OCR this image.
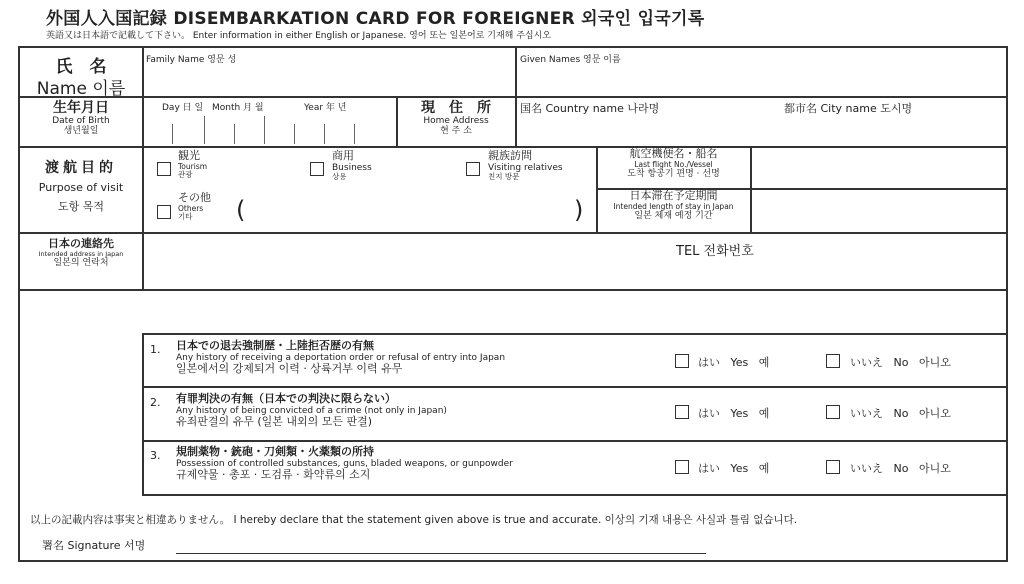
外国人入国記録 DISEMBARKATION CARD FOR FOREIGNER 외국인 입국기록
英語又は日本語で記載して下さい。 Enter information in either English or Japanese. 영어 또는 일본어로 기재해 주십시오
氏　名
Name 이름
Family Name 영문 성	Given Names 영문 이름
生年月日
Date of Birth
생년월일
Day 日 일 Month 月 월	Year 年 년	現　住　所
Home Address
현 주 소
国名 Country name 나라명	都市名 City name 도시명
渡航目的
Purpose of visit
도항 목적
観光
Tourism
관광
商用
Business
상용
親族訪問
Visiting relatives
친지 방문
その他
Others
기타	(	)
航空機便名・船名
Last flight No./Vessel
도착 항공기 편명 · 선명
日本滞在予定期間
Intended length of stay in Japan
일본 체재 예정 기간
日本の連絡先
Intended address in Japan
일본의 연락처
TEL 전화번호
1. 日本での退去強制歴・上陸拒否歴の有無
Any history of receiving a deportation order or refusal of entry into Japan
일본에서의 강제퇴거 이력 · 상륙거부 이력 유무	はい Yes 예	いいえ No 아니오
2. 有罪判決の有無（日本での判決に限らない）
Any history of being convicted of a crime (not only in Japan)
유죄판결의 유무 (일본 내외의 모든 판결)
はい Yes 예	いいえ No 아니오
3. 規制薬物・銃砲・刀剣類・火薬類の所持
Possession of controlled substances, guns, bladed weapons, or gunpowder
규제약물 · 총포 · 도검류 · 화약류의 소지	はい Yes 예	いいえ No 아니오
以上の記載内容は事実と相違ありません。 I hereby declare that the statement given above is true and accurate. 이상의 기재 내용은 사실과 틀림 없습니다.
署名 Signature 서명
